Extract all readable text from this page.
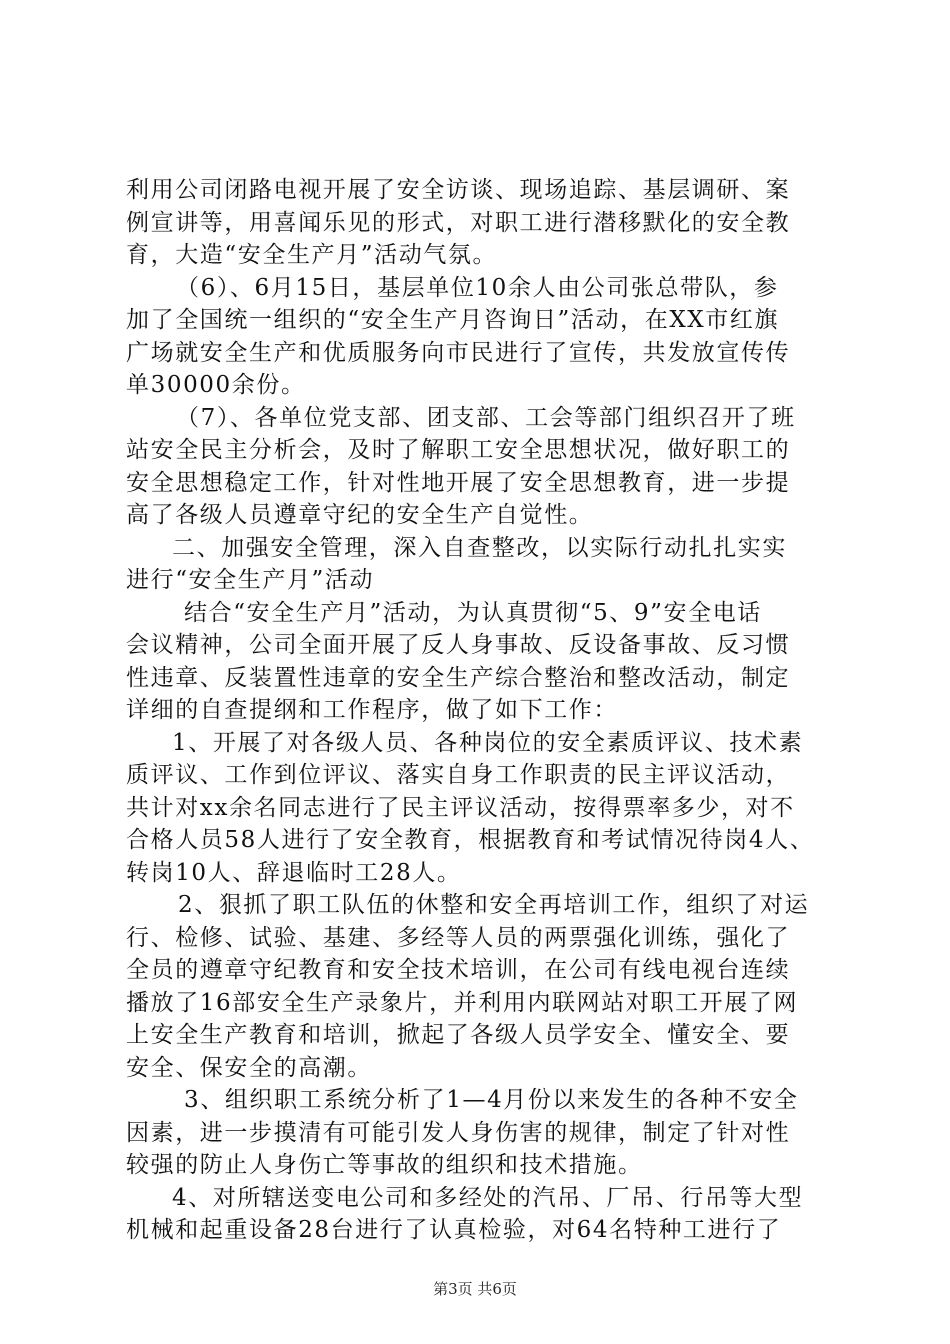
利用公司闭路电视开展了安全访谈、现场追踪、基层调研、案
例宣讲等，用喜闻乐见的形式，对职工进行潜移默化的安全教
育，大造“安全生产月”活动气氛。
（6）、6月15日，基层单位10余人由公司张总带队，参
加了全国统一组织的“安全生产月咨询日”活动，在XX市红旗
广场就安全生产和优质服务向市民进行了宣传，共发放宣传传
单30000余份。
（7）、各单位党支部、团支部、工会等部门组织召开了班
站安全民主分析会，及时了解职工安全思想状况，做好职工的
安全思想稳定工作，针对性地开展了安全思想教育，进一步提
高了各级人员遵章守纪的安全生产自觉性。
二、加强安全管理，深入自查整改，以实际行动扎扎实实
进行“安全生产月”活动
结合“安全生产月”活动，为认真贯彻“5、9”安全电话
会议精神，公司全面开展了反人身事故、反设备事故、反习惯
性违章、反装置性违章的安全生产综合整治和整改活动，制定
详细的自查提纲和工作程序，做了如下工作：
1、开展了对各级人员、各种岗位的安全素质评议、技术素
质评议、工作到位评议、落实自身工作职责的民主评议活动，
共计对xx余名同志进行了民主评议活动，按得票率多少，对不
合格人员58人进行了安全教育，根据教育和考试情况待岗4人、
转岗10人、辞退临时工28人。
2、狠抓了职工队伍的休整和安全再培训工作，组织了对运
行、检修、试验、基建、多经等人员的两票强化训练，强化了
全员的遵章守纪教育和安全技术培训，在公司有线电视台连续
播放了16部安全生产录象片，并利用内联网站对职工开展了网
上安全生产教育和培训，掀起了各级人员学安全、懂安全、要
安全、保安全的高潮。
3、组织职工系统分析了1—4月份以来发生的各种不安全
因素，进一步摸清有可能引发人身伤害的规律，制定了针对性
较强的防止人身伤亡等事故的组织和技术措施。
4、对所辖送变电公司和多经处的汽吊、厂吊、行吊等大型
机械和起重设备28台进行了认真检验，对64名特种工进行了
第3页 共6页
